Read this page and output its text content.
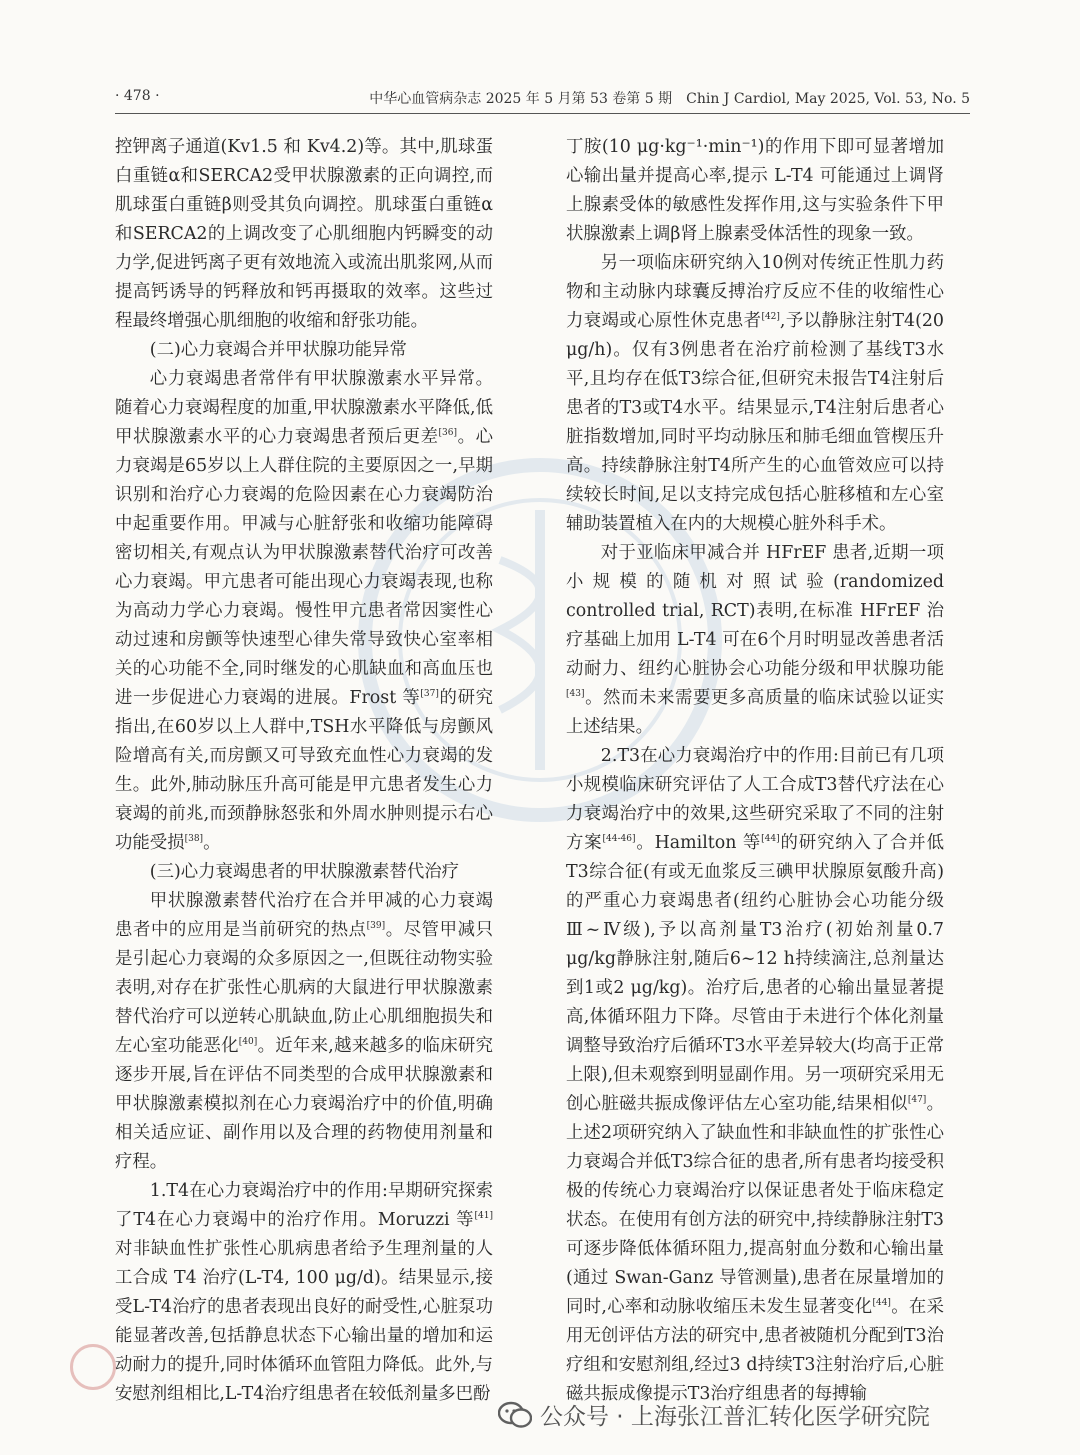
· 478 ·	中华心血管病杂志 2025 年 5 月第 53 卷第 5 期　Chin J Cardiol, May 2025, Vol. 53, No. 5

控钾离子通道(Kv1.5 和 Kv4.2)等。其中,肌球蛋白重链α和SERCA2受甲状腺激素的正向调控,而肌球蛋白重链β则受其负向调控。肌球蛋白重链α和SERCA2的上调改变了心肌细胞内钙瞬变的动力学,促进钙离子更有效地流入或流出肌浆网,从而提高钙诱导的钙释放和钙再摄取的效率。这些过程最终增强心肌细胞的收缩和舒张功能。

(二)心力衰竭合并甲状腺功能异常

心力衰竭患者常伴有甲状腺激素水平异常。随着心力衰竭程度的加重,甲状腺激素水平降低,低甲状腺激素水平的心力衰竭患者预后更差[36]。心力衰竭是65岁以上人群住院的主要原因之一,早期识别和治疗心力衰竭的危险因素在心力衰竭防治中起重要作用。甲减与心脏舒张和收缩功能障碍密切相关,有观点认为甲状腺激素替代治疗可改善心力衰竭。甲亢患者可能出现心力衰竭表现,也称为高动力学心力衰竭。慢性甲亢患者常因窦性心动过速和房颤等快速型心律失常导致快心室率相关的心功能不全,同时继发的心肌缺血和高血压也进一步促进心力衰竭的进展。Frost 等[37]的研究指出,在60岁以上人群中,TSH水平降低与房颤风险增高有关,而房颤又可导致充血性心力衰竭的发生。此外,肺动脉压升高可能是甲亢患者发生心力衰竭的前兆,而颈静脉怒张和外周水肿则提示右心功能受损[38]。

(三)心力衰竭患者的甲状腺激素替代治疗

甲状腺激素替代治疗在合并甲减的心力衰竭患者中的应用是当前研究的热点[39]。尽管甲减只是引起心力衰竭的众多原因之一,但既往动物实验表明,对存在扩张性心肌病的大鼠进行甲状腺激素替代治疗可以逆转心肌缺血,防止心肌细胞损失和左心室功能恶化[40]。近年来,越来越多的临床研究逐步开展,旨在评估不同类型的合成甲状腺激素和甲状腺激素模拟剂在心力衰竭治疗中的价值,明确相关适应证、副作用以及合理的药物使用剂量和疗程。

1.T4在心力衰竭治疗中的作用:早期研究探索了T4在心力衰竭中的治疗作用。Moruzzi 等[41]对非缺血性扩张性心肌病患者给予生理剂量的人工合成 T4 治疗(L-T4, 100 μg/d)。结果显示,接受L-T4治疗的患者表现出良好的耐受性,心脏泵功能显著改善,包括静息状态下心输出量的增加和运动耐力的提升,同时体循环血管阻力降低。此外,与安慰剂组相比,L-T4治疗组患者在较低剂量多巴酚

丁胺(10 μg·kg⁻¹·min⁻¹)的作用下即可显著增加心输出量并提高心率,提示 L-T4 可能通过上调肾上腺素受体的敏感性发挥作用,这与实验条件下甲状腺激素上调β肾上腺素受体活性的现象一致。

另一项临床研究纳入10例对传统正性肌力药物和主动脉内球囊反搏治疗反应不佳的收缩性心力衰竭或心原性休克患者[42],予以静脉注射T4(20 μg/h)。仅有3例患者在治疗前检测了基线T3水平,且均存在低T3综合征,但研究未报告T4注射后患者的T3或T4水平。结果显示,T4注射后患者心脏指数增加,同时平均动脉压和肺毛细血管楔压升高。持续静脉注射T4所产生的心血管效应可以持续较长时间,足以支持完成包括心脏移植和左心室辅助装置植入在内的大规模心脏外科手术。

对于亚临床甲减合并 HFrEF 患者,近期一项小规模的随机对照试验(randomized controlled trial, RCT)表明,在标准 HFrEF 治疗基础上加用 L-T4 可在6个月时明显改善患者活动耐力、纽约心脏协会心功能分级和甲状腺功能[43]。然而未来需要更多高质量的临床试验以证实上述结果。

2.T3在心力衰竭治疗中的作用:目前已有几项小规模临床研究评估了人工合成T3替代疗法在心力衰竭治疗中的效果,这些研究采取了不同的注射方案[44-46]。Hamilton 等[44]的研究纳入了合并低T3综合征(有或无血浆反三碘甲状腺原氨酸升高)的严重心力衰竭患者(纽约心脏协会心功能分级 Ⅲ~Ⅳ级),予以高剂量T3治疗(初始剂量0.7 μg/kg静脉注射,随后6~12 h持续滴注,总剂量达到1或2 μg/kg)。治疗后,患者的心输出量显著提高,体循环阻力下降。尽管由于未进行个体化剂量调整导致治疗后循环T3水平差异较大(均高于正常上限),但未观察到明显副作用。另一项研究采用无创心脏磁共振成像评估左心室功能,结果相似[47]。上述2项研究纳入了缺血性和非缺血性的扩张性心力衰竭合并低T3综合征的患者,所有患者均接受积极的传统心力衰竭治疗以保证患者处于临床稳定状态。在使用有创方法的研究中,持续静脉注射T3可逐步降低体循环阻力,提高射血分数和心输出量(通过 Swan-Ganz 导管测量),患者在尿量增加的同时,心率和动脉收缩压未发生显著变化[44]。在采用无创评估方法的研究中,患者被随机分配到T3治疗组和安慰剂组,经过3 d持续T3注射治疗后,心脏磁共振成像提示T3治疗组患者的每搏输

公众号 · 上海张江普汇转化医学研究院
